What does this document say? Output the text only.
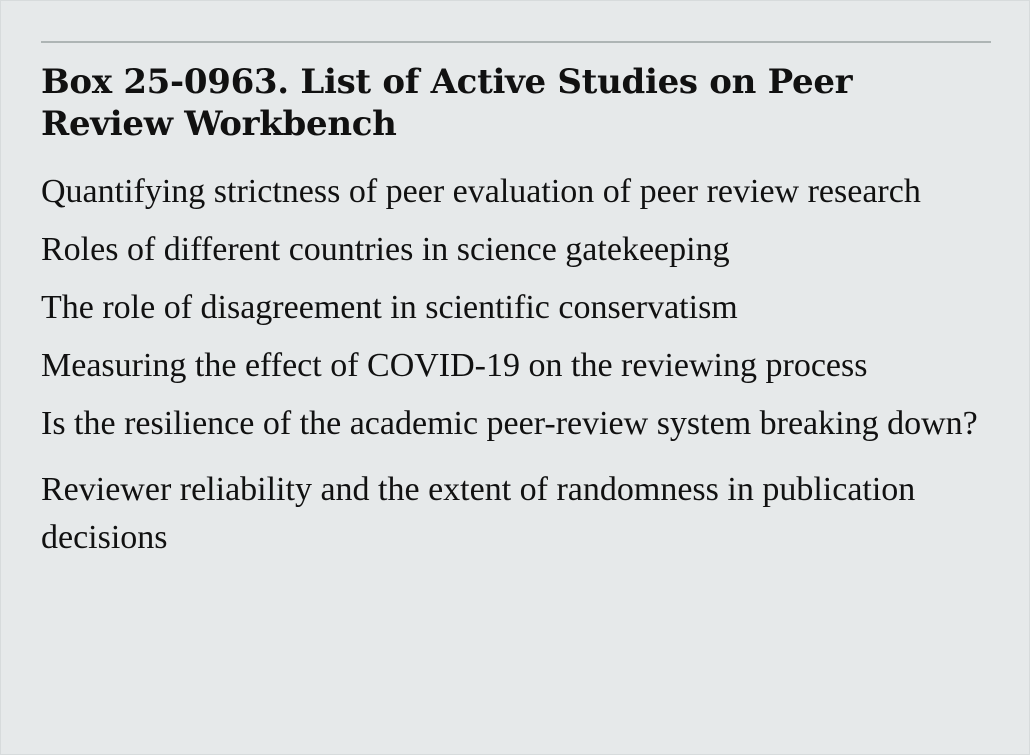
Box 25-0963. List of Active Studies on Peer Review Workbench
Quantifying strictness of peer evaluation of peer review research
Roles of different countries in science gatekeeping
The role of disagreement in scientific conservatism
Measuring the effect of COVID-19 on the reviewing process
Is the resilience of the academic peer-review system breaking down?
Reviewer reliability and the extent of randomness in publication decisions
